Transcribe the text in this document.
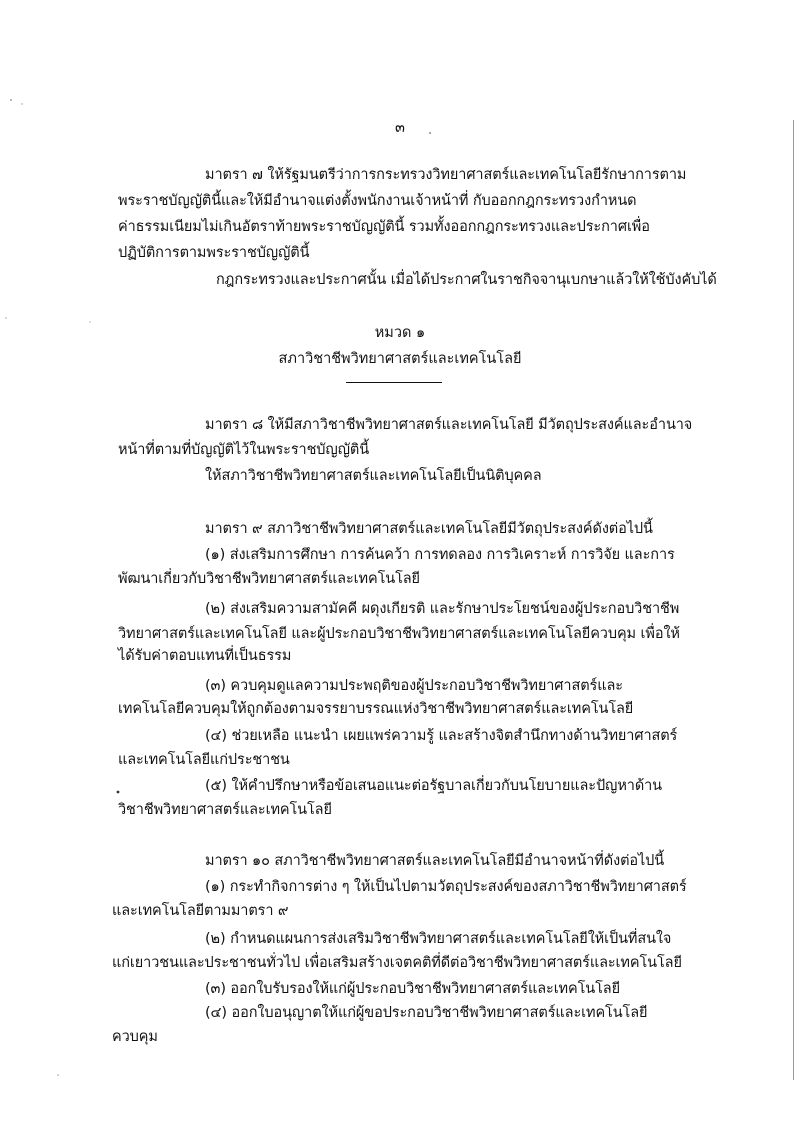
๓
มาตรา ๗ ให้รัฐมนตรีว่าการกระทรวงวิทยาศาสตร์และเทคโนโลยีรักษาการตาม
พระราชบัญญัตินี้และให้มีอำนาจแต่งตั้งพนักงานเจ้าหน้าที่ กับออกกฎกระทรวงกำหนด
ค่าธรรมเนียมไม่เกินอัตราท้ายพระราชบัญญัตินี้ รวมทั้งออกกฎกระทรวงและประกาศเพื่อ
ปฏิบัติการตามพระราชบัญญัตินี้
กฎกระทรวงและประกาศนั้น เมื่อได้ประกาศในราชกิจจานุเบกษาแล้วให้ใช้บังคับได้
หมวด ๑
สภาวิชาชีพวิทยาศาสตร์และเทคโนโลยี
มาตรา ๘ ให้มีสภาวิชาชีพวิทยาศาสตร์และเทคโนโลยี มีวัตถุประสงค์และอำนาจ
หน้าที่ตามที่บัญญัติไว้ในพระราชบัญญัตินี้
ให้สภาวิชาชีพวิทยาศาสตร์และเทคโนโลยีเป็นนิติบุคคล
มาตรา ๙ สภาวิชาชีพวิทยาศาสตร์และเทคโนโลยีมีวัตถุประสงค์ดังต่อไปนี้
(๑) ส่งเสริมการศึกษา การค้นคว้า การทดลอง การวิเคราะห์ การวิจัย และการ
พัฒนาเกี่ยวกับวิชาชีพวิทยาศาสตร์และเทคโนโลยี
(๒) ส่งเสริมความสามัคคี ผดุงเกียรติ และรักษาประโยชน์ของผู้ประกอบวิชาชีพ
วิทยาศาสตร์และเทคโนโลยี และผู้ประกอบวิชาชีพวิทยาศาสตร์และเทคโนโลยีควบคุม เพื่อให้
ได้รับค่าตอบแทนที่เป็นธรรม
(๓) ควบคุมดูแลความประพฤติของผู้ประกอบวิชาชีพวิทยาศาสตร์และ
เทคโนโลยีควบคุมให้ถูกต้องตามจรรยาบรรณแห่งวิชาชีพวิทยาศาสตร์และเทคโนโลยี
(๔) ช่วยเหลือ แนะนำ เผยแพร่ความรู้ และสร้างจิตสำนึกทางด้านวิทยาศาสตร์
และเทคโนโลยีแก่ประชาชน
(๕) ให้คำปรึกษาหรือข้อเสนอแนะต่อรัฐบาลเกี่ยวกับนโยบายและปัญหาด้าน
วิชาชีพวิทยาศาสตร์และเทคโนโลยี
มาตรา ๑๐ สภาวิชาชีพวิทยาศาสตร์และเทคโนโลยีมีอำนาจหน้าที่ดังต่อไปนี้
(๑) กระทำกิจการต่าง ๆ ให้เป็นไปตามวัตถุประสงค์ของสภาวิชาชีพวิทยาศาสตร์
และเทคโนโลยีตามมาตรา ๙
(๒) กำหนดแผนการส่งเสริมวิชาชีพวิทยาศาสตร์และเทคโนโลยีให้เป็นที่สนใจ
แก่เยาวชนและประชาชนทั่วไป เพื่อเสริมสร้างเจตคติที่ดีต่อวิชาชีพวิทยาศาสตร์และเทคโนโลยี
(๓) ออกใบรับรองให้แก่ผู้ประกอบวิชาชีพวิทยาศาสตร์และเทคโนโลยี
(๔) ออกใบอนุญาตให้แก่ผู้ขอประกอบวิชาชีพวิทยาศาสตร์และเทคโนโลยี
ควบคุม
